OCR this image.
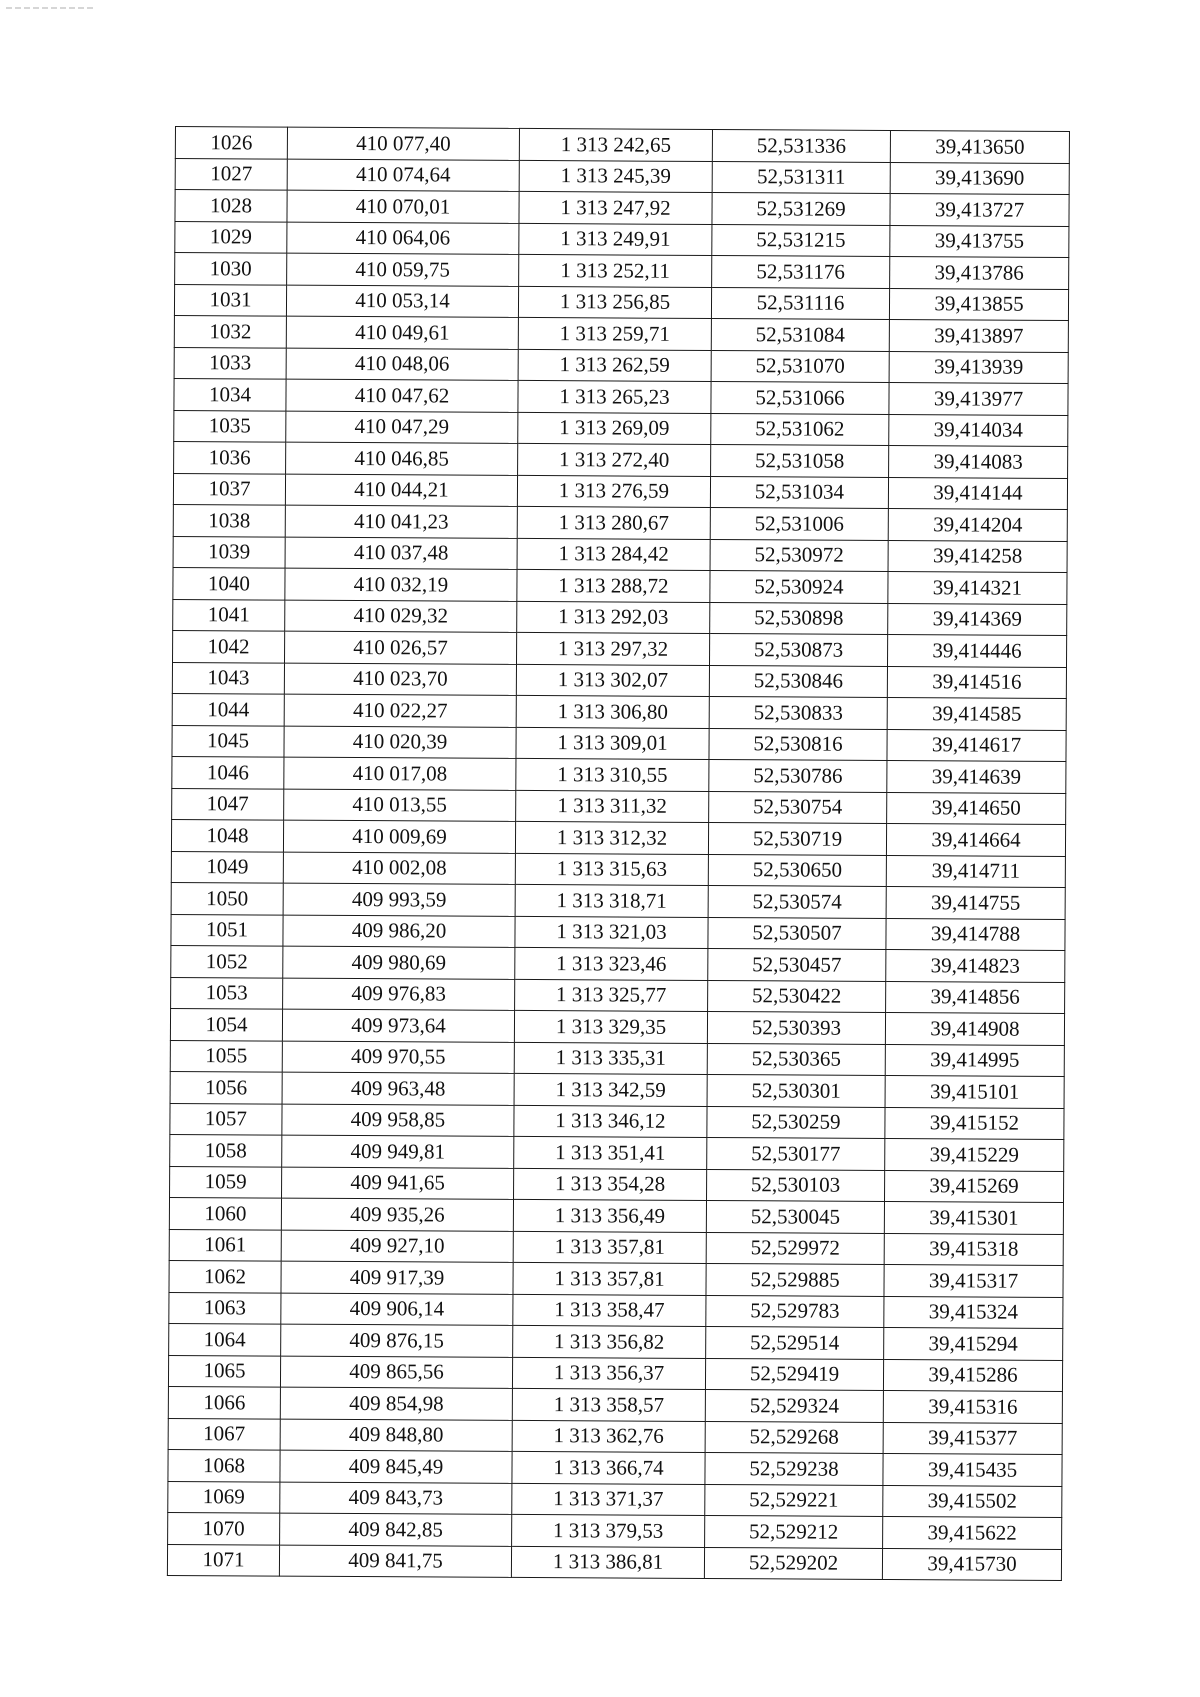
1026	410 077,40	1 313 242,65	52,531336	39,413650
1027	410 074,64	1 313 245,39	52,531311	39,413690
1028	410 070,01	1 313 247,92	52,531269	39,413727
1029	410 064,06	1 313 249,91	52,531215	39,413755
1030	410 059,75	1 313 252,11	52,531176	39,413786
1031	410 053,14	1 313 256,85	52,531116	39,413855
1032	410 049,61	1 313 259,71	52,531084	39,413897
1033	410 048,06	1 313 262,59	52,531070	39,413939
1034	410 047,62	1 313 265,23	52,531066	39,413977
1035	410 047,29	1 313 269,09	52,531062	39,414034
1036	410 046,85	1 313 272,40	52,531058	39,414083
1037	410 044,21	1 313 276,59	52,531034	39,414144
1038	410 041,23	1 313 280,67	52,531006	39,414204
1039	410 037,48	1 313 284,42	52,530972	39,414258
1040	410 032,19	1 313 288,72	52,530924	39,414321
1041	410 029,32	1 313 292,03	52,530898	39,414369
1042	410 026,57	1 313 297,32	52,530873	39,414446
1043	410 023,70	1 313 302,07	52,530846	39,414516
1044	410 022,27	1 313 306,80	52,530833	39,414585
1045	410 020,39	1 313 309,01	52,530816	39,414617
1046	410 017,08	1 313 310,55	52,530786	39,414639
1047	410 013,55	1 313 311,32	52,530754	39,414650
1048	410 009,69	1 313 312,32	52,530719	39,414664
1049	410 002,08	1 313 315,63	52,530650	39,414711
1050	409 993,59	1 313 318,71	52,530574	39,414755
1051	409 986,20	1 313 321,03	52,530507	39,414788
1052	409 980,69	1 313 323,46	52,530457	39,414823
1053	409 976,83	1 313 325,77	52,530422	39,414856
1054	409 973,64	1 313 329,35	52,530393	39,414908
1055	409 970,55	1 313 335,31	52,530365	39,414995
1056	409 963,48	1 313 342,59	52,530301	39,415101
1057	409 958,85	1 313 346,12	52,530259	39,415152
1058	409 949,81	1 313 351,41	52,530177	39,415229
1059	409 941,65	1 313 354,28	52,530103	39,415269
1060	409 935,26	1 313 356,49	52,530045	39,415301
1061	409 927,10	1 313 357,81	52,529972	39,415318
1062	409 917,39	1 313 357,81	52,529885	39,415317
1063	409 906,14	1 313 358,47	52,529783	39,415324
1064	409 876,15	1 313 356,82	52,529514	39,415294
1065	409 865,56	1 313 356,37	52,529419	39,415286
1066	409 854,98	1 313 358,57	52,529324	39,415316
1067	409 848,80	1 313 362,76	52,529268	39,415377
1068	409 845,49	1 313 366,74	52,529238	39,415435
1069	409 843,73	1 313 371,37	52,529221	39,415502
1070	409 842,85	1 313 379,53	52,529212	39,415622
1071	409 841,75	1 313 386,81	52,529202	39,415730
